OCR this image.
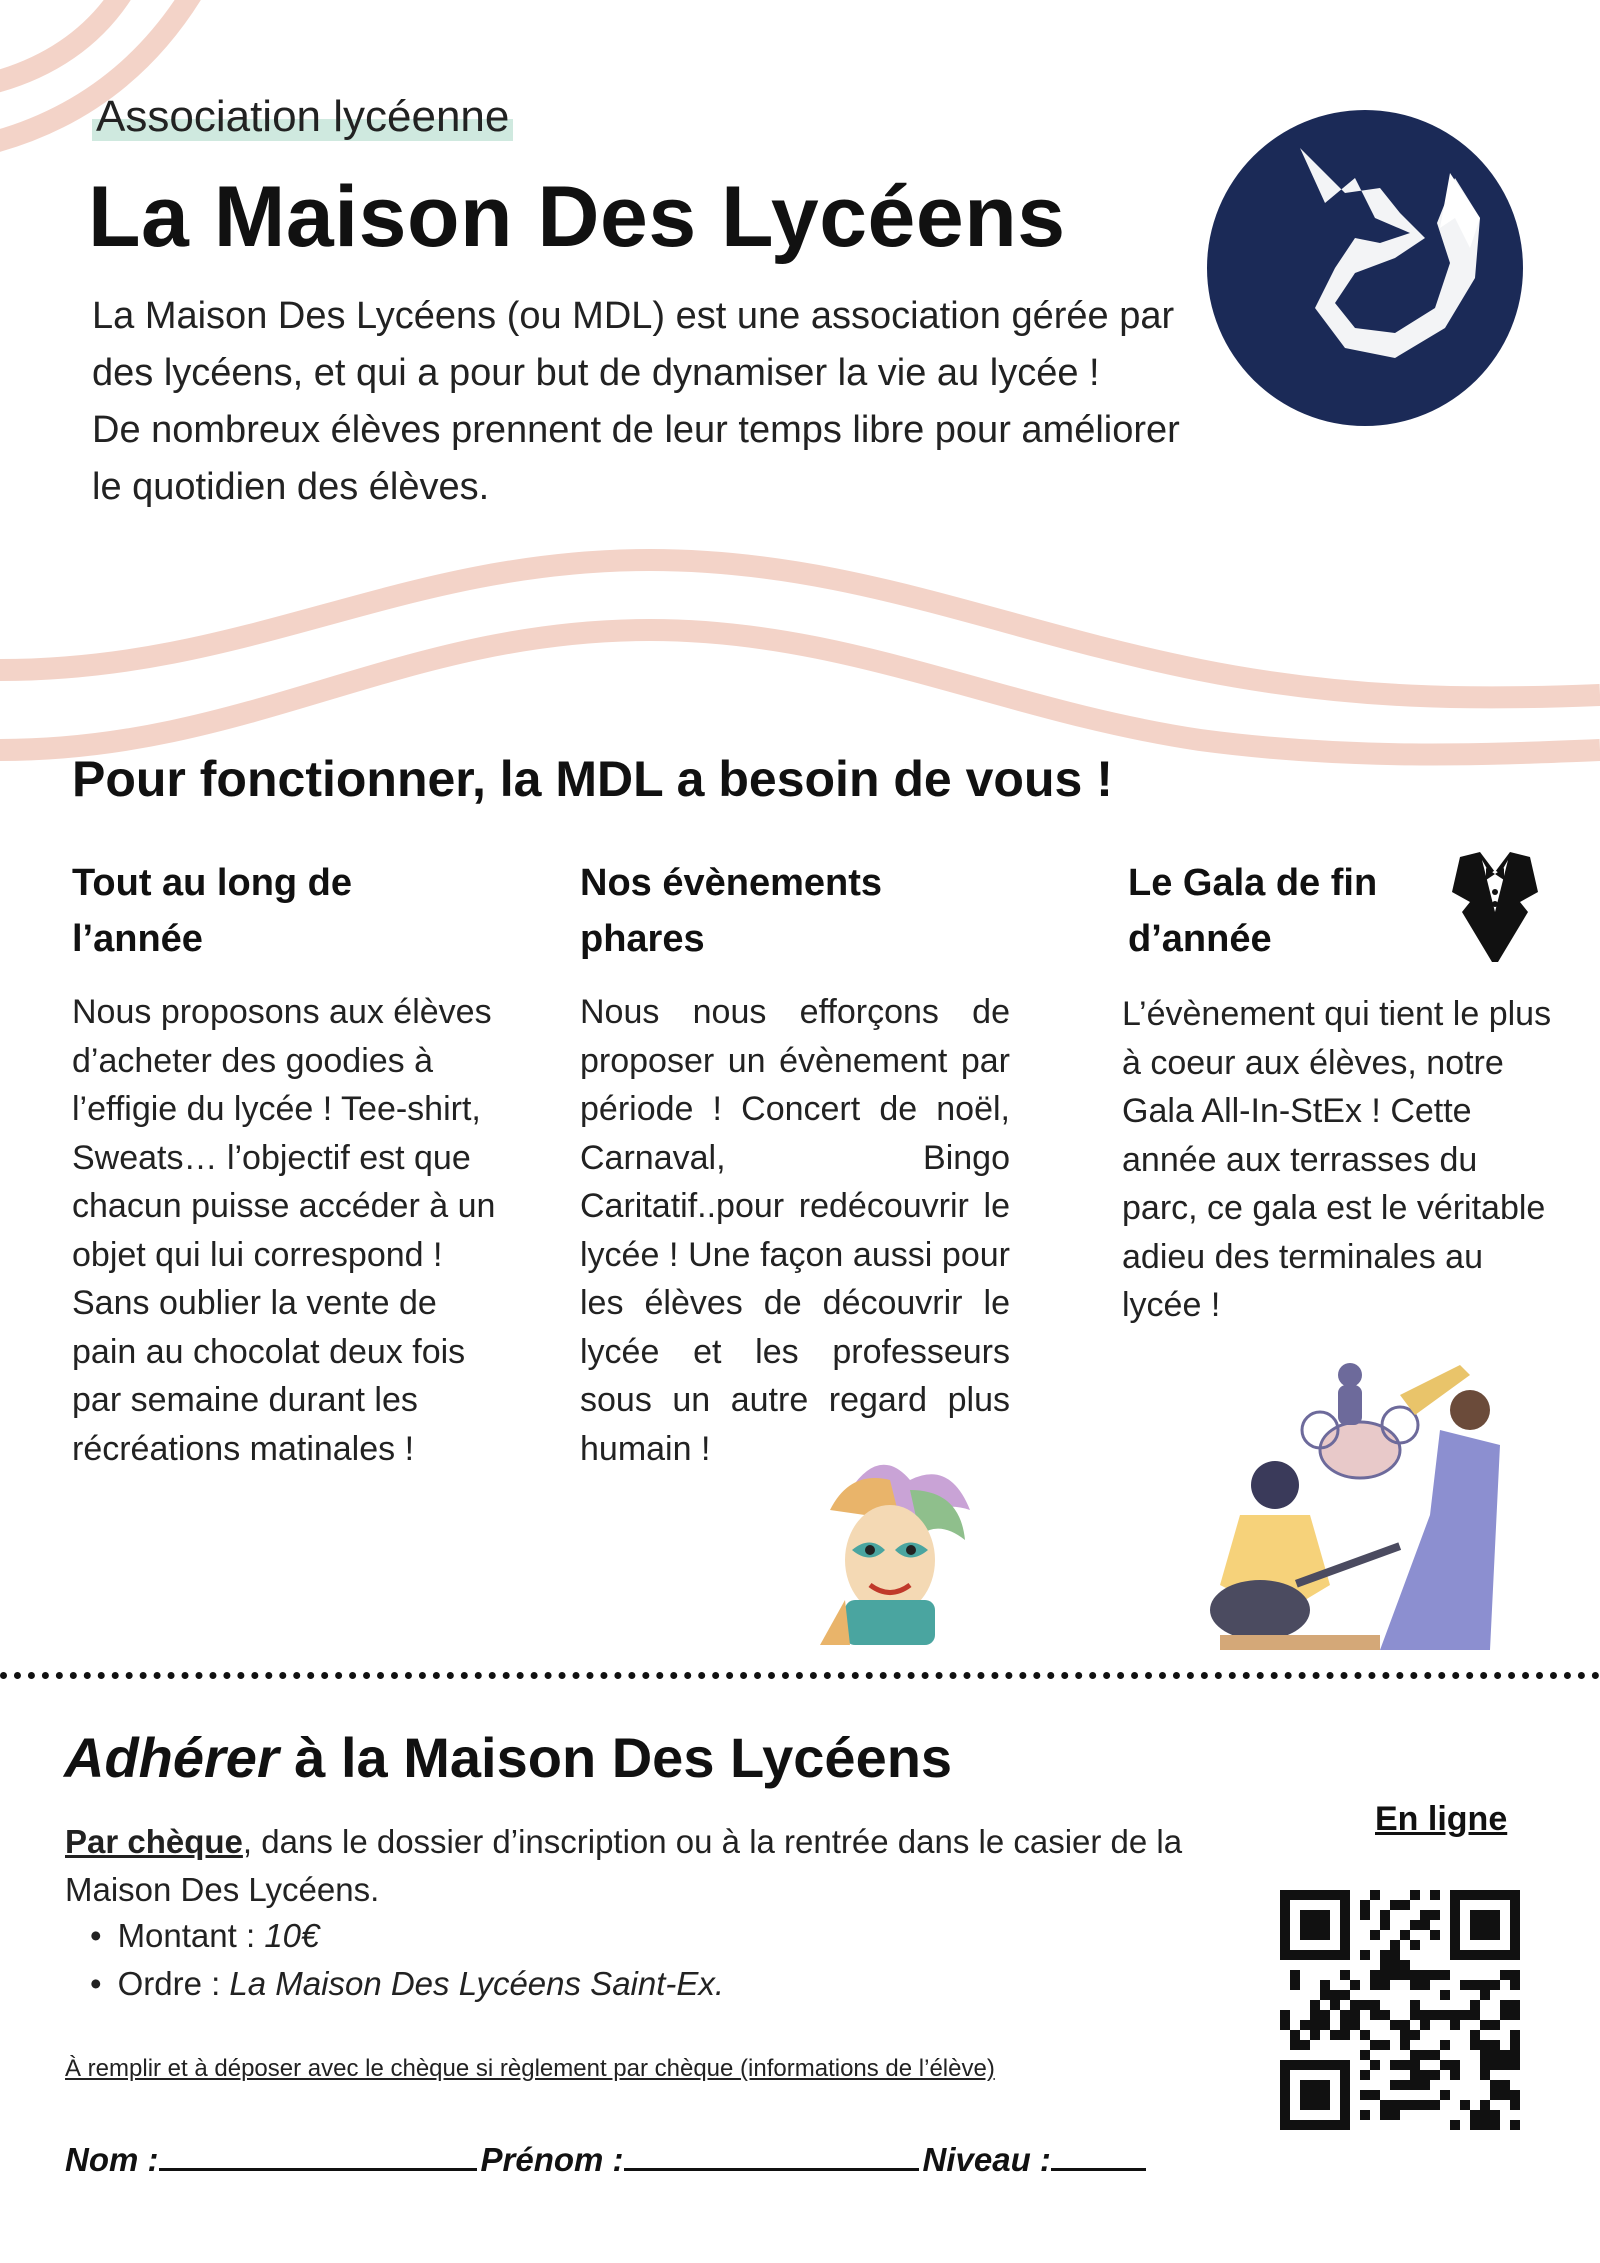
Association lycéenne
La Maison Des Lycéens

La Maison Des Lycéens (ou MDL) est une association gérée par des lycéens, et qui a pour but de dynamiser la vie au lycée !

De nombreux élèves prennent de leur temps libre pour améliorer le quotidien des élèves.

Pour fonctionner, la MDL a besoin de vous !
Tout au long de l’année
Nous proposons aux élèves d’acheter des goodies à l’effigie du lycée ! Tee-shirt, Sweats… l’objectif est que chacun puisse accéder à un objet qui lui correspond ! Sans oublier la vente de pain au chocolat deux fois par semaine durant les récréations matinales !
Nos évènements phares
Nous nous efforçons de proposer un évènement par période ! Concert de noël, Carnaval, Bingo Caritatif..pour redécouvrir le lycée ! Une façon aussi pour les élèves de découvrir le lycée et les professeurs sous un autre regard plus humain !
Le Gala de fin d’année
L’évènement qui tient le plus à coeur aux élèves, notre Gala All-In-StEx ! Cette année aux terrasses du parc, ce gala est le véritable adieu des terminales au lycée !
Adhérer à la Maison Des Lycéens
En ligne
Par chèque, dans le dossier d’inscription ou à la rentrée dans le casier de la Maison Des Lycéens.
• Montant : 10€
• Ordre : La Maison Des Lycéens Saint-Ex.
À remplir et à déposer avec le chèque si règlement par chèque (informations de l’élève)
Nom :	Prénom :	Niveau :
